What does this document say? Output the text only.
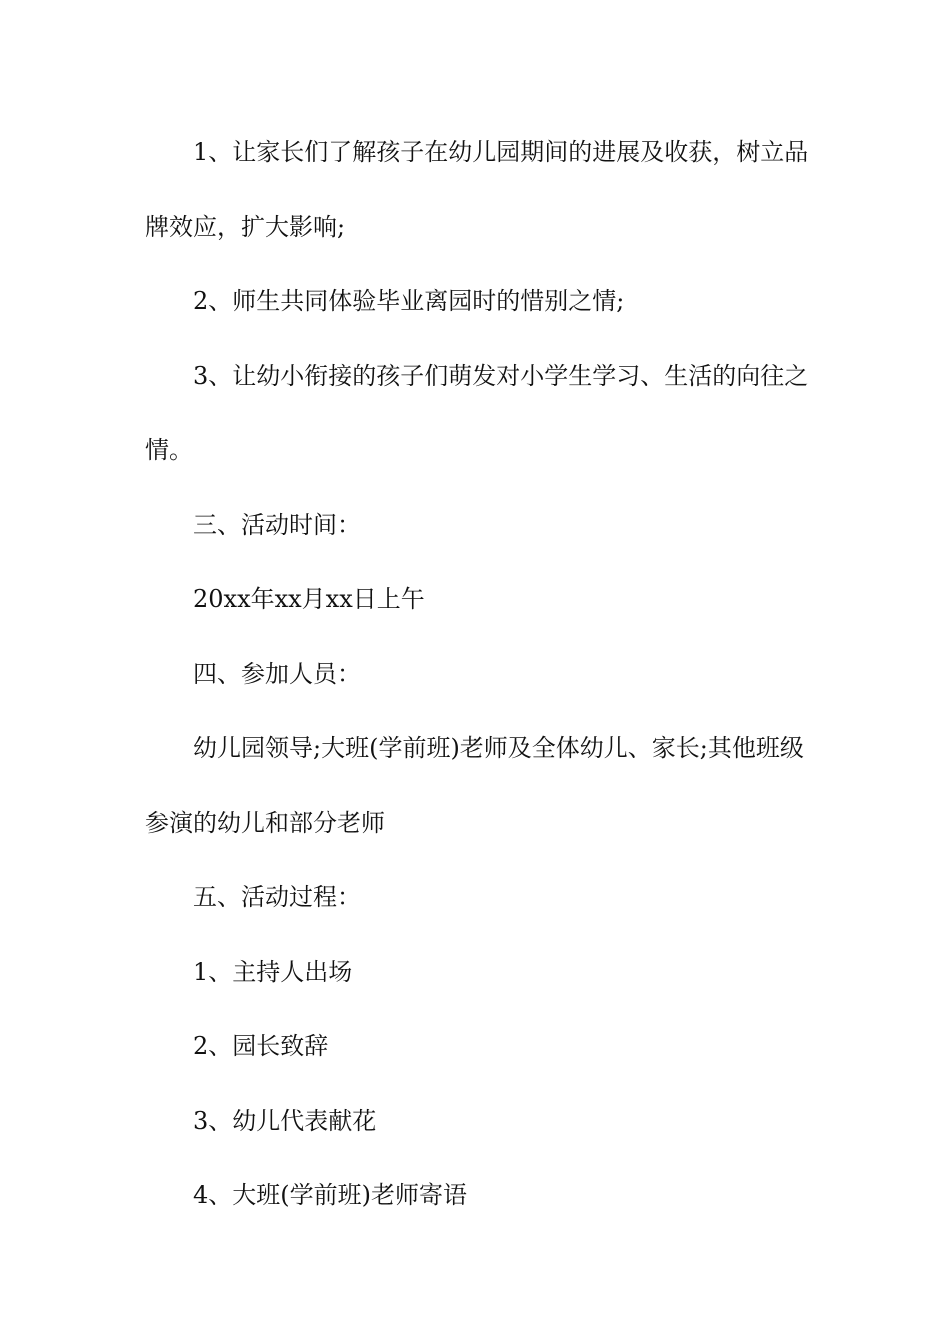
1、让家长们了解孩子在幼儿园期间的进展及收获，树立品牌效应，扩大影响;

2、师生共同体验毕业离园时的惜别之情;

3、让幼小衔接的孩子们萌发对小学生学习、生活的向往之情。

三、活动时间：

20xx年xx月xx日上午

四、参加人员：

幼儿园领导;大班(学前班)老师及全体幼儿、家长;其他班级参演的幼儿和部分老师

五、活动过程：

1、主持人出场

2、园长致辞

3、幼儿代表献花

4、大班(学前班)老师寄语
